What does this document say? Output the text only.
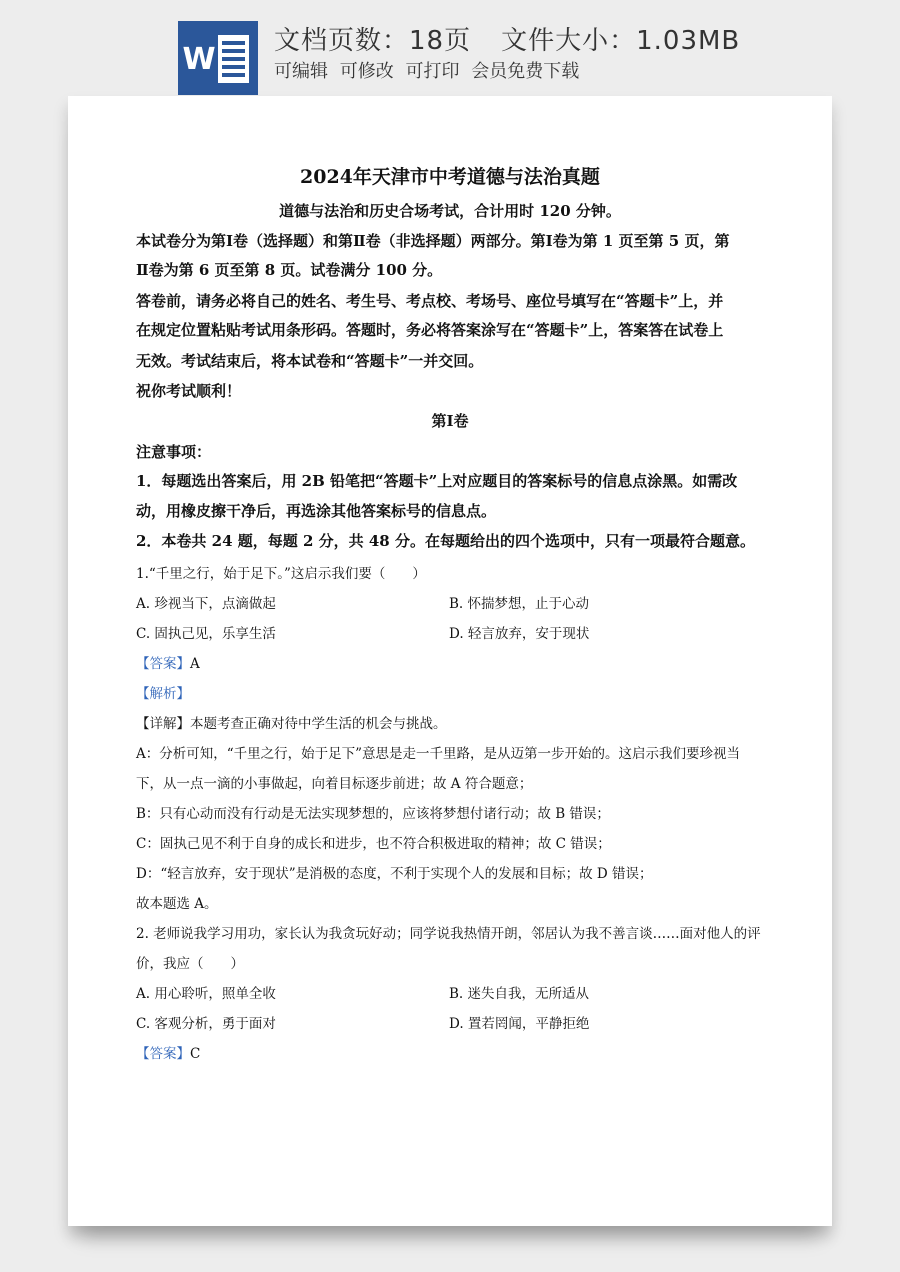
W
文档页数：18页 文件大小：1.03MB
可编辑 可修改 可打印 会员免费下载
2024年天津市中考道德与法治真题
道德与法治和历史合场考试，合计用时 120 分钟。
本试卷分为第Ⅰ卷（选择题）和第Ⅱ卷（非选择题）两部分。第Ⅰ卷为第 1 页至第 5 页，第
Ⅱ卷为第 6 页至第 8 页。试卷满分 100 分。
答卷前，请务必将自己的姓名、考生号、考点校、考场号、座位号填写在“答题卡”上，并
在规定位置粘贴考试用条形码。答题时，务必将答案涂写在“答题卡”上，答案答在试卷上
无效。考试结束后，将本试卷和“答题卡”一并交回。
祝你考试顺利！
第Ⅰ卷
注意事项：
1．每题选出答案后，用 2B 铅笔把“答题卡”上对应题目的答案标号的信息点涂黑。如需改
动，用橡皮擦干净后，再选涂其他答案标号的信息点。
2．本卷共 24 题，每题 2 分，共 48 分。在每题给出的四个选项中，只有一项最符合题意。
1.“千里之行，始于足下。”这启示我们要（　　）
A. 珍视当下，点滴做起	B. 怀揣梦想，止于心动
C. 固执己见，乐享生活	D. 轻言放弃，安于现状
【答案】A
【解析】
【详解】本题考查正确对待中学生活的机会与挑战。
A：分析可知，“千里之行，始于足下”意思是走一千里路，是从迈第一步开始的。这启示我们要珍视当
下，从一点一滴的小事做起，向着目标逐步前进；故 A 符合题意；
B：只有心动而没有行动是无法实现梦想的，应该将梦想付诸行动；故 B 错误；
C：固执己见不利于自身的成长和进步，也不符合积极进取的精神；故 C 错误；
D：“轻言放弃，安于现状”是消极的态度，不利于实现个人的发展和目标；故 D 错误；
故本题选 A。
2. 老师说我学习用功，家长认为我贪玩好动；同学说我热情开朗，邻居认为我不善言谈……面对他人的评
价，我应（　　）
A. 用心聆听，照单全收	B. 迷失自我，无所适从
C. 客观分析，勇于面对	D. 置若罔闻，平静拒绝
【答案】C
